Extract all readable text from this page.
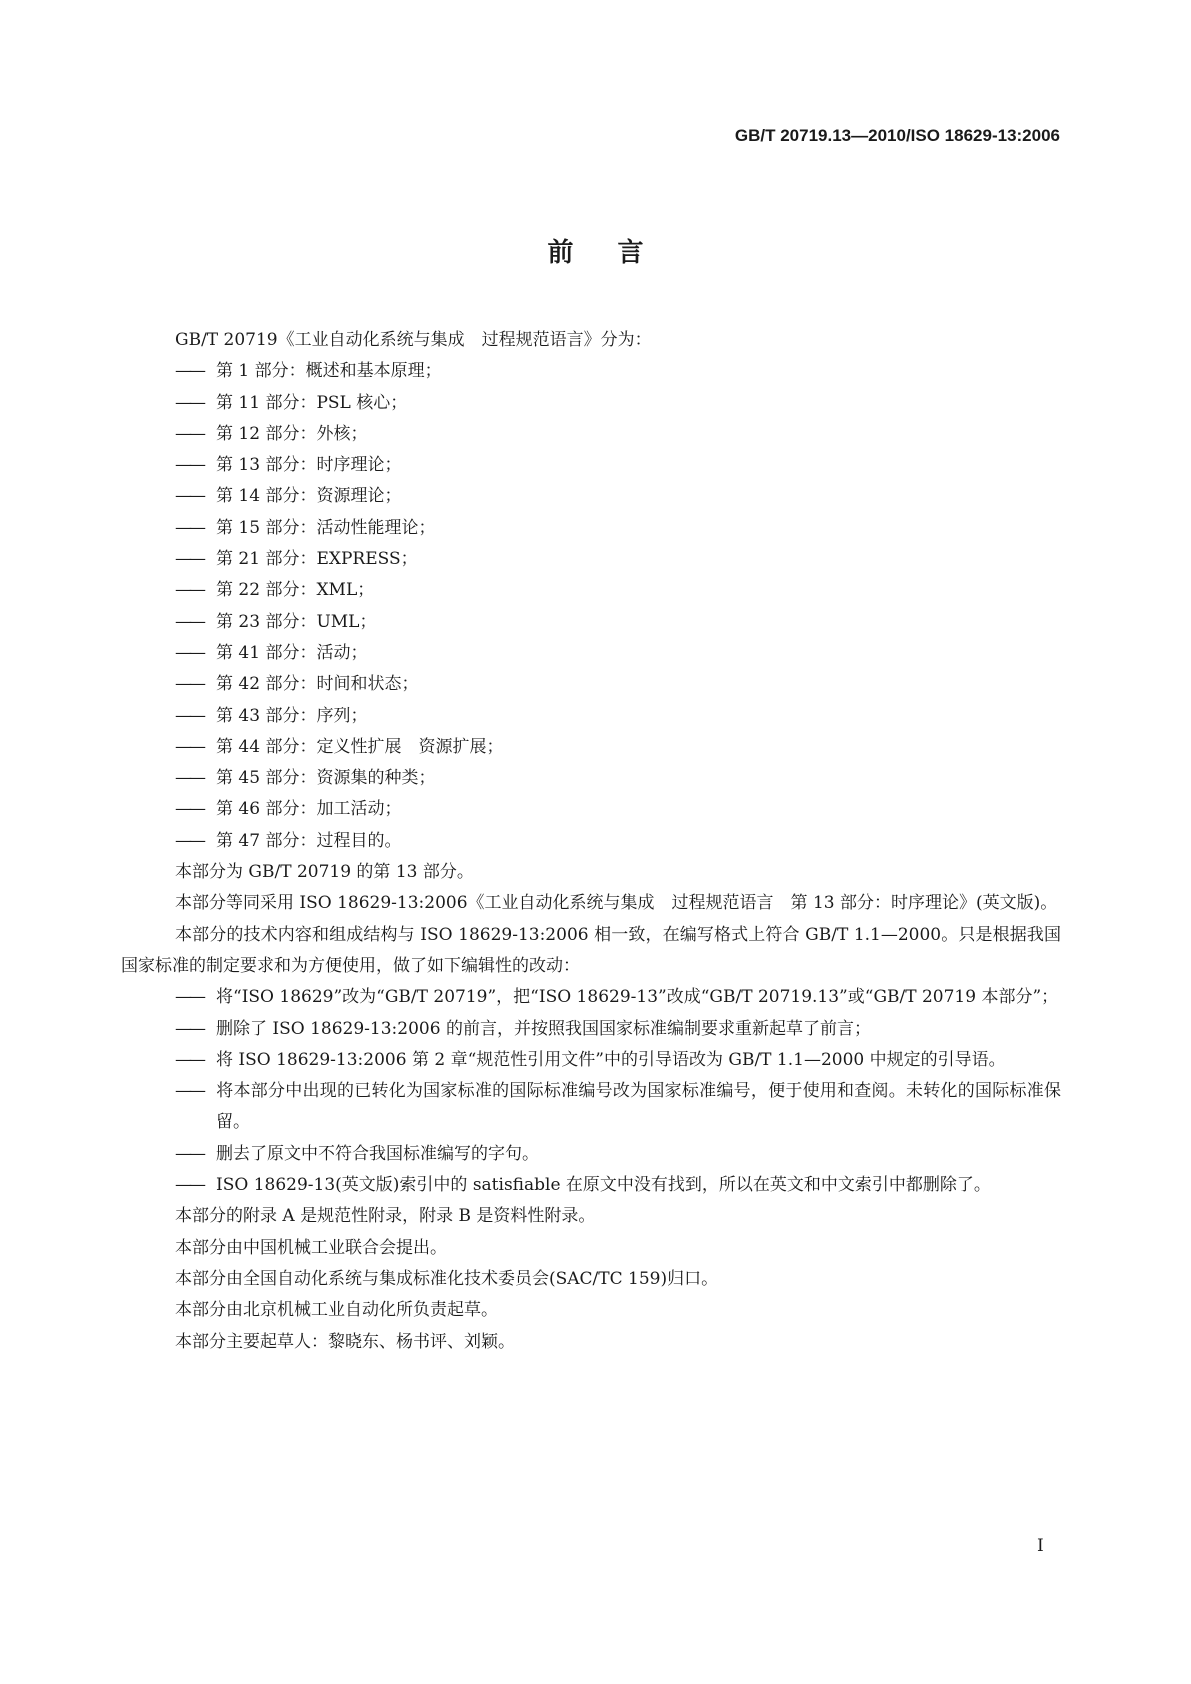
GB/T 20719.13—2010/ISO 18629-13:2006
前言

GB/T 20719《工业自动化系统与集成　过程规范语言》分为：

—— 第 1 部分：概述和基本原理；

—— 第 11 部分：PSL 核心；

—— 第 12 部分：外核；

—— 第 13 部分：时序理论；

—— 第 14 部分：资源理论；

—— 第 15 部分：活动性能理论；

—— 第 21 部分：EXPRESS；

—— 第 22 部分：XML；

—— 第 23 部分：UML；

—— 第 41 部分：活动；

—— 第 42 部分：时间和状态；

—— 第 43 部分：序列；

—— 第 44 部分：定义性扩展　资源扩展；

—— 第 45 部分：资源集的种类；

—— 第 46 部分：加工活动；

—— 第 47 部分：过程目的。

本部分为 GB/T 20719 的第 13 部分。

本部分等同采用 ISO 18629-13:2006《工业自动化系统与集成　过程规范语言　第 13 部分：时序理论》(英文版)。

本部分的技术内容和组成结构与 ISO 18629-13:2006 相一致，在编写格式上符合 GB/T 1.1—2000。只是根据我国国家标准的制定要求和为方便使用，做了如下编辑性的改动：

—— 将“ISO 18629”改为“GB/T 20719”，把“ISO 18629-13”改成“GB/T 20719.13”或“GB/T 20719 本部分”；

—— 删除了 ISO 18629-13:2006 的前言，并按照我国国家标准编制要求重新起草了前言；

—— 将 ISO 18629-13:2006 第 2 章“规范性引用文件”中的引导语改为 GB/T 1.1—2000 中规定的引导语。

—— 将本部分中出现的已转化为国家标准的国际标准编号改为国家标准编号，便于使用和查阅。未转化的国际标准保留。

—— 删去了原文中不符合我国标准编写的字句。

—— ISO 18629-13(英文版)索引中的 satisfiable 在原文中没有找到，所以在英文和中文索引中都删除了。

本部分的附录 A 是规范性附录，附录 B 是资料性附录。

本部分由中国机械工业联合会提出。

本部分由全国自动化系统与集成标准化技术委员会(SAC/TC 159)归口。

本部分由北京机械工业自动化所负责起草。

本部分主要起草人：黎晓东、杨书评、刘颖。

I
